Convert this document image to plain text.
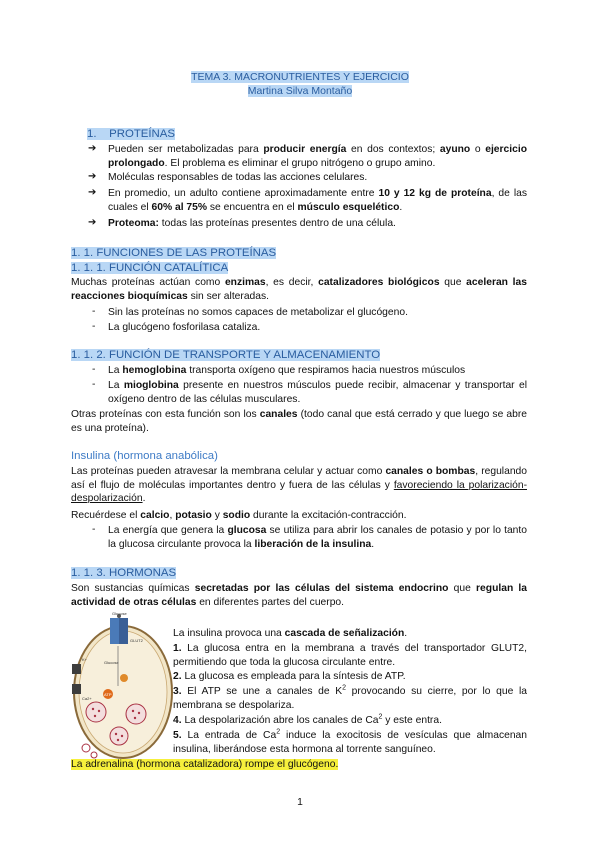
TEMA 3. MACRONUTRIENTES Y EJERCICIO
Martina Silva Montaño
1.    PROTEÍNAS
➔ Pueden ser metabolizadas para producir energía en dos contextos; ayuno o ejercicio prolongado. El problema es eliminar el grupo nitrógeno o grupo amino.
➔ Moléculas responsables de todas las acciones celulares.
➔ En promedio, un adulto contiene aproximadamente entre 10 y 12 kg de proteína, de las cuales el 60% al 75% se encuentra en el músculo esquelético.
➔ Proteoma: todas las proteínas presentes dentro de una célula.
1. 1. FUNCIONES DE LAS PROTEÍNAS
1. 1. 1. FUNCIÓN CATALÍTICA
Muchas proteínas actúan como enzimas, es decir, catalizadores biológicos que aceleran las reacciones bioquímicas sin ser alteradas.
- Sin las proteínas no somos capaces de metabolizar el glucógeno.
- La glucógeno fosforilasa cataliza.
1. 1. 2. FUNCIÓN DE TRANSPORTE Y ALMACENAMIENTO
- La hemoglobina transporta oxígeno que respiramos hacia nuestros músculos
- La mioglobina presente en nuestros músculos puede recibir, almacenar y transportar el oxígeno dentro de las células musculares.
Otras proteínas con esta función son los canales (todo canal que está cerrado y que luego se abre es una proteína).
Insulina (hormona anabólica)
Las proteínas pueden atravesar la membrana celular y actuar como canales o bombas, regulando así el flujo de moléculas importantes dentro y fuera de las células y favoreciendo la polarización-despolarización.
Recuérdese el calcio, potasio y sodio durante la excitación-contracción.
- La energía que genera la glucosa se utiliza para abrir los canales de potasio y por lo tanto la glucosa circulante provoca la liberación de la insulina.
1. 1. 3. HORMONAS
Son sustancias químicas secretadas por las células del sistema endocrino que regulan la actividad de otras células en diferentes partes del cuerpo.
Glucose
GLUT2
Glucose
ATP
K+
Ca2+
La insulina provoca una cascada de señalización.
1. La glucosa entra en la membrana a través del transportador GLUT2, permitiendo que toda la glucosa circulante entre.
2. La glucosa es empleada para la síntesis de ATP.
3. El ATP se une a canales de $K^2$ provocando su cierre, por lo que la membrana se despolariza.
4. La despolarización abre los canales de Ca$^2$ y este entra.
5. La entrada de Ca$^2$ induce la exocitosis de vesículas que almacenan insulina, liberándose esta hormona al torrente sanguíneo.
La adrenalina (hormona catalizadora) rompe el glucógeno.
1
